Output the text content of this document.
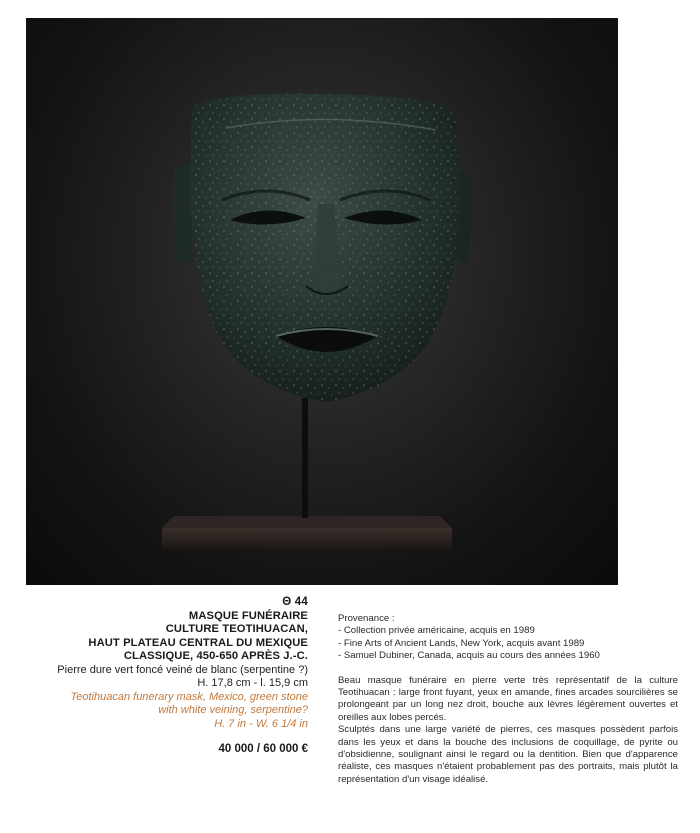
Θ 44
MASQUE FUNÉRAIRE
CULTURE TEOTIHUACAN,
HAUT PLATEAU CENTRAL DU MEXIQUE
CLASSIQUE, 450-650 APRÈS J.-C.
Pierre dure vert foncé veiné de blanc (serpentine ?)
H. 17,8 cm - l. 15,9 cm
Teotihuacan funerary mask, Mexico, green stone
with white veining, serpentine?
H. 7 in - W. 6 1/4 in
40 000 / 60 000 €
Provenance :
- Collection privée américaine, acquis en 1989
- Fine Arts of Ancient Lands, New York, acquis avant 1989
- Samuel Dubiner, Canada, acquis au cours des années 1960
Beau masque funéraire en pierre verte très représentatif de la culture Teotihuacan : large front fuyant, yeux en amande, fines arcades sourcilières se prolongeant par un long nez droit, bouche aux lèvres légèrement ouvertes et oreilles aux lobes percés.
Sculptés dans une large variété de pierres, ces masques possèdent parfois dans les yeux et dans la bouche des inclusions de coquillage, de pyrite ou d'obsidienne, soulignant ainsi le regard ou la dentition. Bien que d'apparence réaliste, ces masques n'étaient probablement pas des portraits, mais plutôt la représentation d'un visage idéalisé.
